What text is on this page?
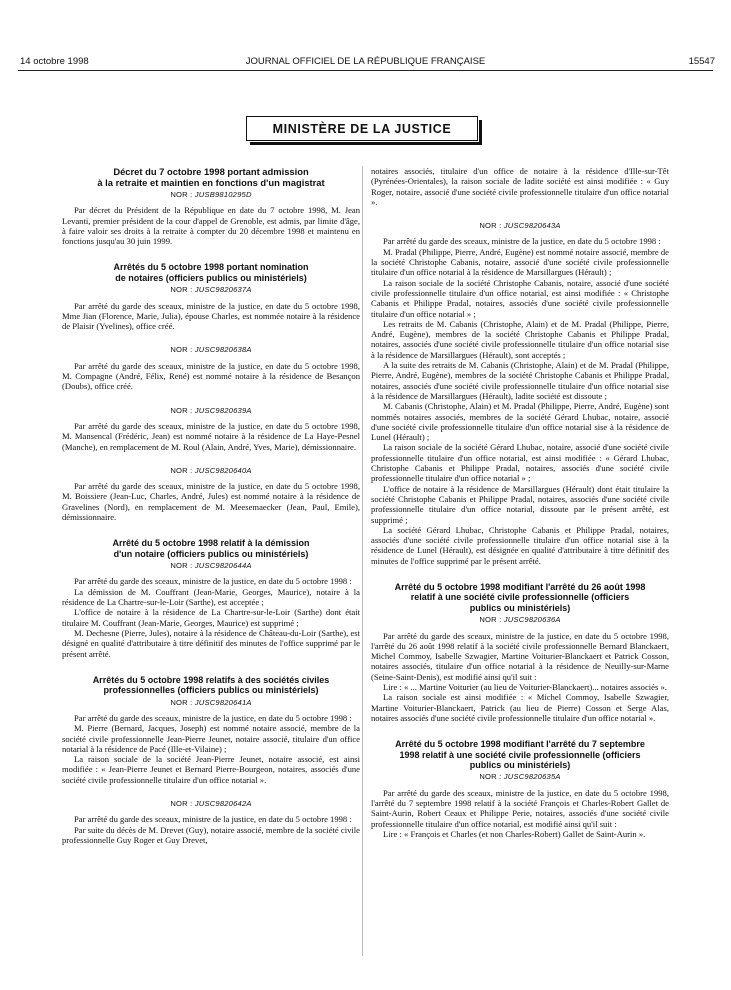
14 octobre 1998	JOURNAL OFFICIEL DE LA RÉPUBLIQUE FRANÇAISE	15547
MINISTÈRE DE LA JUSTICE
Décret du 7 octobre 1998 portant admission
à la retraite et maintien en fonctions d'un magistrat
NOR : JUSB9810295D

Par décret du Président de la République en date du 7 octobre 1998, M. Jean Levanti, premier président de la cour d'appel de Grenoble, est admis, par limite d'âge, à faire valoir ses droits à la retraite à compter du 20 décembre 1998 et maintenu en fonctions jusqu'au 30 juin 1999.

Arrêtés du 5 octobre 1998 portant nomination
de notaires (officiers publics ou ministériels)
NOR : JUSC9820637A

Par arrêté du garde des sceaux, ministre de la justice, en date du 5 octobre 1998, Mme Jian (Florence, Marie, Julia), épouse Charles, est nommée notaire à la résidence de Plaisir (Yvelines), office créé.

NOR : JUSC9820638A

Par arrêté du garde des sceaux, ministre de la justice, en date du 5 octobre 1998, M. Compagne (André, Félix, René) est nommé notaire à la résidence de Besançon (Doubs), office créé.

NOR : JUSC9820639A

Par arrêté du garde des sceaux, ministre de la justice, en date du 5 octobre 1998, M. Mansencal (Frédéric, Jean) est nommé notaire à la résidence de La Haye-Pesnel (Manche), en remplacement de M. Roul (Alain, André, Yves, Marie), démissionnaire.

NOR : JUSC9820640A

Par arrêté du garde des sceaux, ministre de la justice, en date du 5 octobre 1998, M. Boissiere (Jean-Luc, Charles, André, Jules) est nommé notaire à la résidence de Gravelines (Nord), en remplacement de M. Meesemaecker (Jean, Paul, Emile), démissionnaire.

Arrêté du 5 octobre 1998 relatif à la démission
d'un notaire (officiers publics ou ministériels)
NOR : JUSC9820644A

Par arrêté du garde des sceaux, ministre de la justice, en date du 5 octobre 1998 :

La démission de M. Couffrant (Jean-Marie, Georges, Maurice), notaire à la résidence de La Chartre-sur-le-Loir (Sarthe), est acceptée ;

L'office de notaire à la résidence de La Chartre-sur-le-Loir (Sarthe) dont était titulaire M. Couffrant (Jean-Marie, Georges, Maurice) est supprimé ;

M. Dechesne (Pierre, Jules), notaire à la résidence de Château-du-Loir (Sarthe), est désigné en qualité d'attributaire à titre définitif des minutes de l'office supprimé par le présent arrêté.

Arrêtés du 5 octobre 1998 relatifs à des sociétés civiles
professionnelles (officiers publics ou ministériels)
NOR : JUSC9820641A

Par arrêté du garde des sceaux, ministre de la justice, en date du 5 octobre 1998 :

M. Pierre (Bernard, Jacques, Joseph) est nommé notaire associé, membre de la société civile professionnelle Jean-Pierre Jeunet, notaire associé, titulaire d'un office notarial à la résidence de Pacé (Ille-et-Vilaine) ;

La raison sociale de la société Jean-Pierre Jeunet, notaire associé, est ainsi modifiée : « Jean-Pierre Jeunet et Bernard Pierre-Bourgeon, notaires, associés d'une société civile professionnelle titulaire d'un office notarial ».

NOR : JUSC9820642A

Par arrêté du garde des sceaux, ministre de la justice, en date du 5 octobre 1998 :

Par suite du décès de M. Drevet (Guy), notaire associé, membre de la société civile professionnelle Guy Roger et Guy Drevet,

notaires associés, titulaire d'un office de notaire à la résidence d'Ille-sur-Têt (Pyrénées-Orientales), la raison sociale de ladite société est ainsi modifiée : « Guy Roger, notaire, associé d'une société civile professionnelle titulaire d'un office notarial ».

NOR : JUSC9820643A

Par arrêté du garde des sceaux, ministre de la justice, en date du 5 octobre 1998 :

M. Pradal (Philippe, Pierre, André, Eugène) est nommé notaire associé, membre de la société Christophe Cabanis, notaire, associé d'une société civile professionnelle titulaire d'un office notarial à la résidence de Marsillargues (Hérault) ;

La raison sociale de la société Christophe Cabanis, notaire, associé d'une société civile professionnelle titulaire d'un office notarial, est ainsi modifiée : « Christophe Cabanis et Philippe Pradal, notaires, associés d'une société civile professionnelle titulaire d'un office notarial » ;

Les retraits de M. Cabanis (Christophe, Alain) et de M. Pradal (Philippe, Pierre, André, Eugène), membres de la société Christophe Cabanis et Philippe Pradal, notaires, associés d'une société civile professionnelle titulaire d'un office notarial sise à la résidence de Marsillargues (Hérault), sont acceptés ;

A la suite des retraits de M. Cabanis (Christophe, Alain) et de M. Pradal (Philippe, Pierre, André, Eugène), membres de la société Christophe Cabanis et Philippe Pradal, notaires, associés d'une société civile professionnelle titulaire d'un office notarial sise à la résidence de Marsillargues (Hérault), ladite société est dissoute ;

M. Cabanis (Christophe, Alain) et M. Pradal (Philippe, Pierre, André, Eugène) sont nommés notaires associés, membres de la société Gérard Lhubac, notaire, associé d'une société civile professionnelle titulaire d'un office notarial sise à la résidence de Lunel (Hérault) ;

La raison sociale de la société Gérard Lhubac, notaire, associé d'une société civile professionnelle titulaire d'un office notarial, est ainsi modifiée : « Gérard Lhubac, Christophe Cabanis et Philippe Pradal, notaires, associés d'une société civile professionnelle titulaire d'un office notarial » ;

L'office de notaire à la résidence de Marsillargues (Hérault) dont était titulaire la société Christophe Cabanis et Philippe Pradal, notaires, associés d'une société civile professionnelle titulaire d'un office notarial, dissoute par le présent arrêté, est supprimé ;

La société Gérard Lhubac, Christophe Cabanis et Philippe Pradal, notaires, associés d'une société civile professionnelle titulaire d'un office notarial sise à la résidence de Lunel (Hérault), est désignée en qualité d'attributaire à titre définitif des minutes de l'office supprimé par le présent arrêté.

Arrêté du 5 octobre 1998 modifiant l'arrêté du 26 août 1998
relatif à une société civile professionnelle (officiers
publics ou ministériels)
NOR : JUSC9820636A

Par arrêté du garde des sceaux, ministre de la justice, en date du 5 octobre 1998, l'arrêté du 26 août 1998 relatif à la société civile professionnelle Bernard Blanckaert, Michel Commoy, Isabelle Szwagier, Martine Voiturier-Blanckaert et Patrick Cosson, notaires associés, titulaire d'un office notarial à la résidence de Neuilly-sur-Marne (Seine-Saint-Denis), est modifié ainsi qu'il suit :

Lire : « ... Martine Voiturier (au lieu de Voiturier-Blanckaert)... notaires associés ».

La raison sociale est ainsi modifiée : « Michel Commoy, Isabelle Szwagier, Martine Voiturier-Blanckaert, Patrick (au lieu de Pierre) Cosson et Serge Alas, notaires associés d'une société civile professionnelle titulaire d'un office notarial ».

Arrêté du 5 octobre 1998 modifiant l'arrêté du 7 septembre
1998 relatif à une société civile professionnelle (officiers
publics ou ministériels)
NOR : JUSC9820635A

Par arrêté du garde des sceaux, ministre de la justice, en date du 5 octobre 1998, l'arrêté du 7 septembre 1998 relatif à la société François et Charles-Robert Gallet de Saint-Aurin, Robert Ceaux et Philippe Perie, notaires, associés d'une société civile professionnelle titulaire d'un office notarial, est modifié ainsi qu'il suit :

Lire : « François et Charles (et non Charles-Robert) Gallet de Saint-Aurin ».
